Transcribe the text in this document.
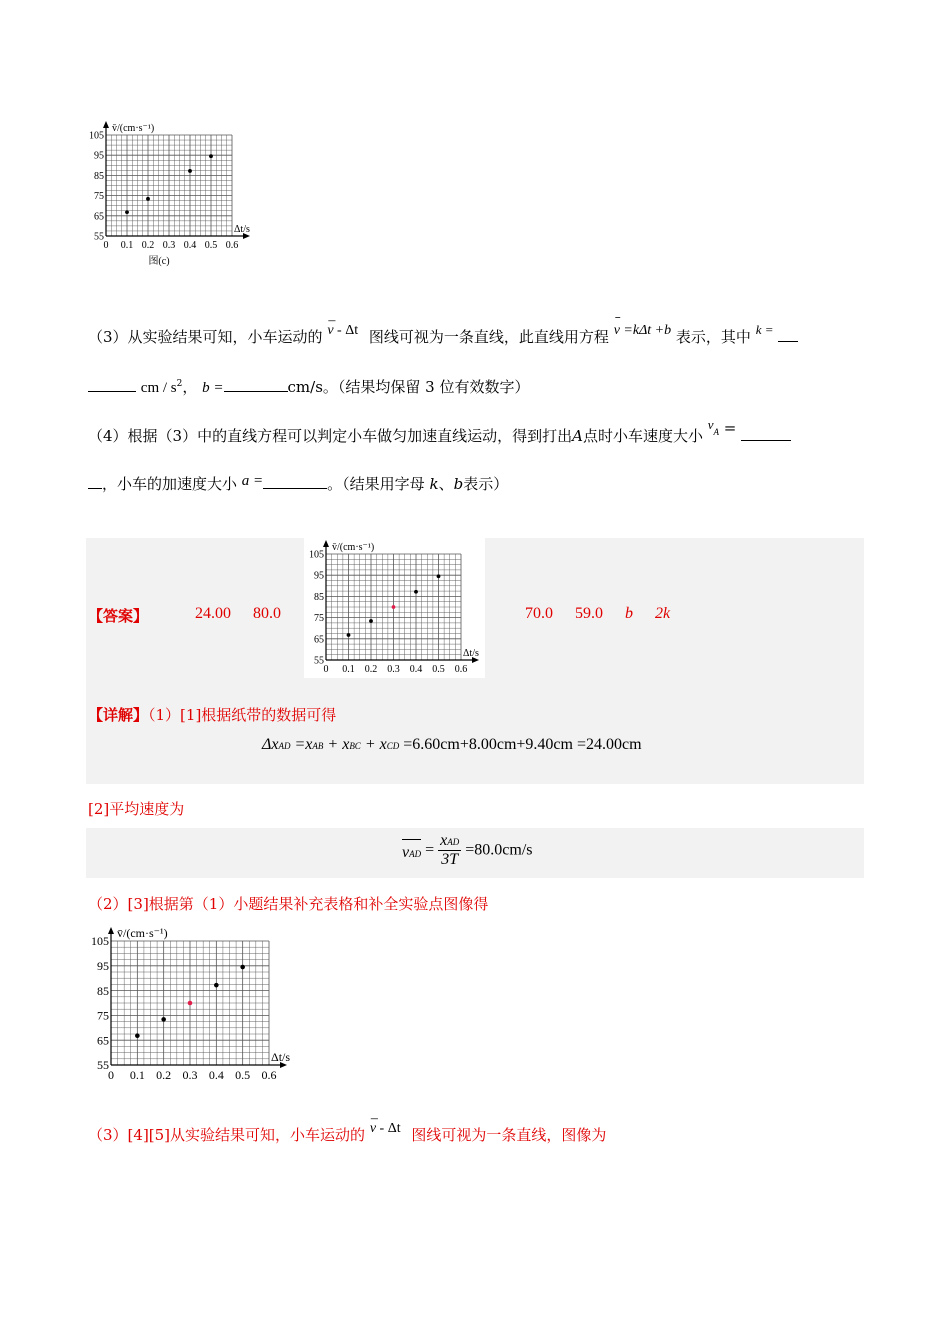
55
65
75
85
95
105
0 0.1 0.2 0.3 0.4 0.5 0.6
v̄/(cm·s⁻¹)
Δt/s
图(c)
（3）从实验结果可知，小车运动的
–
v - Δt 图线可视为一条直线，此直线用方程
–
v =kΔt +b 表示，其中 k =
cm / $s^2$， b =	cm/s。（结果均保留 3 位有效数字）
（4）根据（3）中的直线方程可以判定小车做匀加速直线运动，得到打出A点时小车速度大小 $v_A$ =
，小车的加速度大小 a =	。（结果用字母 k、b表示）
55
65
75
85
95
105
0 0.1 0.2 0.3 0.4 0.5 0.6
v̄/(cm·s⁻¹)
Δt/s
【答案】	24.00 80.0	70.0 59.0 b 2k
【详解】（1）[1]根据纸带的数据可得
ΔxAD =xAB + xBC + xCD =6.60cm+8.00cm+9.40cm =24.00cm
[2]平均速度为
vAD = $\frac{\text{xAD}}{3T} =80.0cm/s$
（2）[3]根据第（1）小题结果补充表格和补全实验点图像得
55
65
75
85
95
105
0 0.1 0.2 0.3 0.4 0.5 0.6
v̄/(cm·s⁻¹)
Δt/s
（3）[4][5]从实验结果可知，小车运动的
–
v - Δt 图线可视为一条直线，图像为
